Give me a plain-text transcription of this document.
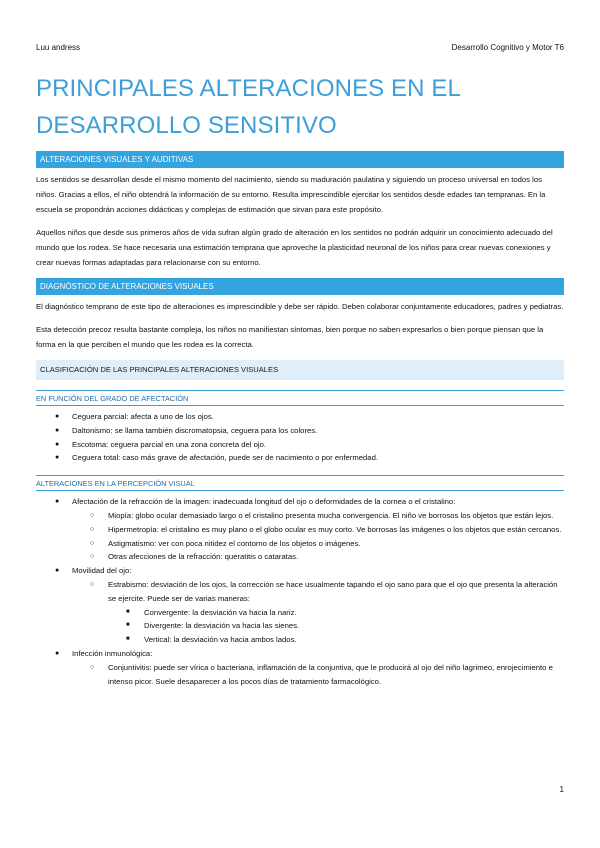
Luu andress	Desarrollo Cognitivo y Motor T6
PRINCIPALES ALTERACIONES EN EL DESARROLLO SENSITIVO
ALTERACIONES VISUALES Y AUDITIVAS

Los sentidos se desarrollan desde el mismo momento del nacimiento, siendo su maduración paulatina y siguiendo un proceso universal en todos los niños. Gracias a ellos, el niño obtendrá la información de su entorno. Resulta imprescindible ejercitar los sentidos desde edades tan tempranas. En la escuela se propondrán acciones didácticas y complejas de estimación que sirvan para este propósito.

Aquellos niños que desde sus primeros años de vida sufran algún grado de alteración en los sentidos no podrán adquirir un conocimiento adecuado del mundo que los rodea. Se hace necesaria una estimación temprana que aproveche la plasticidad neuronal de los niños para crear nuevas conexiones y crear nuevas formas adaptadas para relacionarse con su entorno.

DIAGNÓSTICO DE ALTERACIONES VISUALES

El diagnóstico temprano de este tipo de alteraciones es imprescindible y debe ser rápido. Deben colaborar conjuntamente educadores, padres y pediatras.

Esta detección precoz resulta bastante compleja, los niños no manifiestan síntomas, bien porque no saben expresarlos o bien porque piensan que la forma en la que perciben el mundo que les rodea es la correcta.

CLASIFICACIÓN DE LAS PRINCIPALES ALTERACIONES VISUALES
EN FUNCIÓN DEL GRADO DE AFECTACIÓN
● Ceguera parcial: afecta a uno de los ojos.
● Daltonismo: se llama también discromatopsia, ceguera para los colores.
● Escotoma: ceguera parcial en una zona concreta del ojo.
● Ceguera total: caso más grave de afectación, puede ser de nacimiento o por enfermedad.
ALTERACIONES EN LA PERCEPCIÓN VISUAL
● Afectación de la refracción de la imagen: inadecuada longitud del ojo o deformidades de la cornea o el cristalino:
○ Miopía: globo ocular demasiado largo o el cristalino presenta mucha convergencia. El niño ve borrosos los objetos que están lejos.
○ Hipermetropía: el cristalino es muy plano o el globo ocular es muy corto. Ve borrosas las imágenes o los objetos que están cercanos.
○ Astigmatismo: ver con poca nitidez el contorno de los objetos o imágenes.
○ Otras afecciones de la refracción: queratitis o cataratas.
● Movilidad del ojo:
○ Estrabismo: desviación de los ojos, la corrección se hace usualmente tapando el ojo sano para que el ojo que presenta la alteración se ejercite. Puede ser de varias maneras:
■ Convergente: la desviación va hacia la nariz.
■ Divergente: la desviación va hacia las sienes.
■ Vertical: la desviación va hacia ambos lados.
● Infección inmunológica:
○ Conjuntivitis: puede ser vírica o bacteriana, inflamación de la conjuntiva, que le producirá al ojo del niño lagrimeo, enrojecimiento e intenso picor. Suele desaparecer a los pocos días de tratamiento farmacológico.
1
